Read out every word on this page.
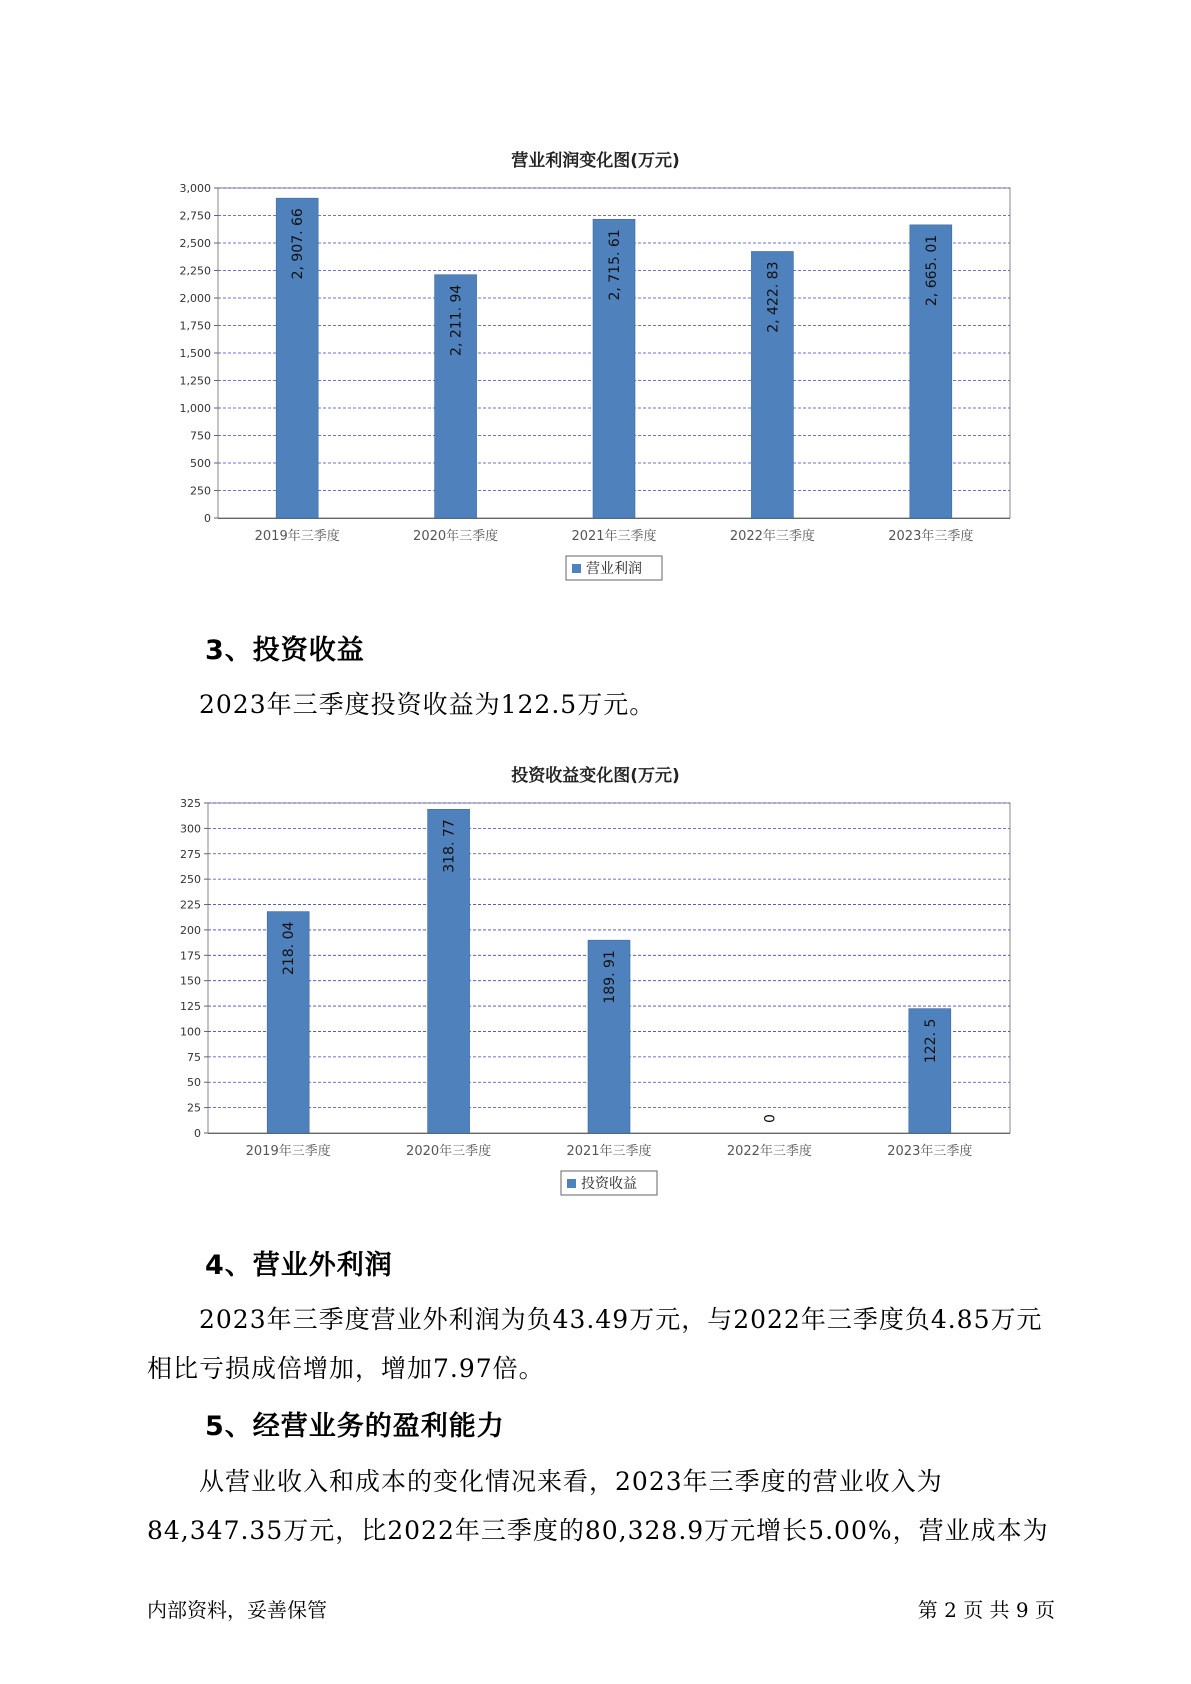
营业利润变化图(万元)
0
250
500
750
1,000
1,250
1,500
1,750
2,000
2,250
2,500
2,750
3,000
2, 907. 66
2019年三季度
2, 211. 94
2020年三季度
2, 715. 61
2021年三季度
2, 422. 83
2022年三季度
2, 665. 01
2023年三季度
营业利润
3、投资收益

2023年三季度投资收益为122.5万元。

投资收益变化图(万元)
0
25
50
75
100
125
150
175
200
225
250
275
300
325
218. 04
2019年三季度
318. 77
2020年三季度
189. 91
2021年三季度
0
2022年三季度
122. 5
2023年三季度
投资收益
4、营业外利润

2023年三季度营业外利润为负43.49万元，与2022年三季度负4.85万元相比亏损成倍增加，增加7.97倍。

5、经营业务的盈利能力

从营业收入和成本的变化情况来看，2023年三季度的营业收入为84,347.35万元，比2022年三季度的80,328.9万元增长5.00%，营业成本为

内部资料，妥善保管	第 2 页 共 9 页
